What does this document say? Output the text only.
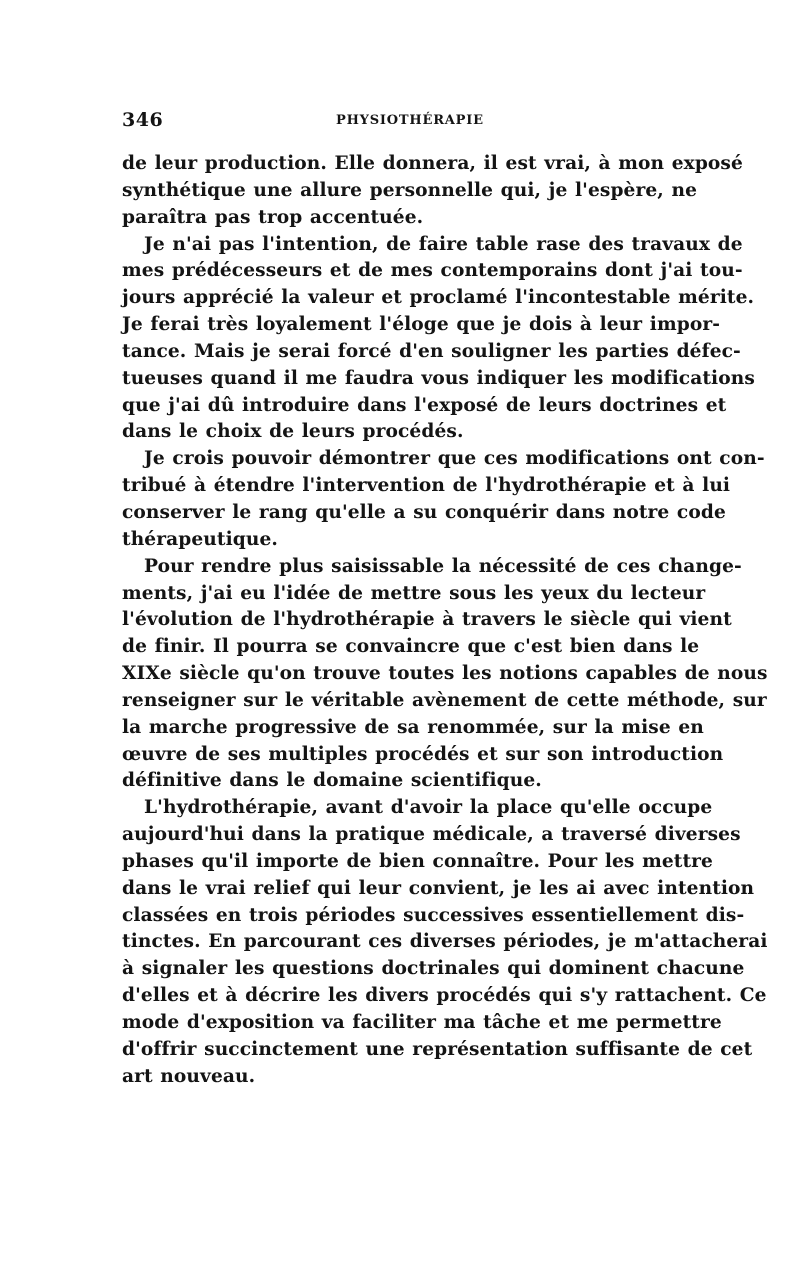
346	PHYSIOTHÉRAPIE
de leur production. Elle donnera, il est vrai, à mon exposé
synthétique une allure personnelle qui, je l'espère, ne
paraîtra pas trop accentuée.
Je n'ai pas l'intention, de faire table rase des travaux de
mes prédécesseurs et de mes contemporains dont j'ai tou-
jours apprécié la valeur et proclamé l'incontestable mérite.
Je ferai très loyalement l'éloge que je dois à leur impor-
tance. Mais je serai forcé d'en souligner les parties défec-
tueuses quand il me faudra vous indiquer les modifications
que j'ai dû introduire dans l'exposé de leurs doctrines et
dans le choix de leurs procédés.
Je crois pouvoir démontrer que ces modifications ont con-
tribué à étendre l'intervention de l'hydrothérapie et à lui
conserver le rang qu'elle a su conquérir dans notre code
thérapeutique.
Pour rendre plus saisissable la nécessité de ces change-
ments, j'ai eu l'idée de mettre sous les yeux du lecteur
l'évolution de l'hydrothérapie à travers le siècle qui vient
de finir. Il pourra se convaincre que c'est bien dans le
XIXe siècle qu'on trouve toutes les notions capables de nous
renseigner sur le véritable avènement de cette méthode, sur
la marche progressive de sa renommée, sur la mise en
œuvre de ses multiples procédés et sur son introduction
définitive dans le domaine scientifique.
L'hydrothérapie, avant d'avoir la place qu'elle occupe
aujourd'hui dans la pratique médicale, a traversé diverses
phases qu'il importe de bien connaître. Pour les mettre
dans le vrai relief qui leur convient, je les ai avec intention
classées en trois périodes successives essentiellement dis-
tinctes. En parcourant ces diverses périodes, je m'attacherai
à signaler les questions doctrinales qui dominent chacune
d'elles et à décrire les divers procédés qui s'y rattachent. Ce
mode d'exposition va faciliter ma tâche et me permettre
d'offrir succinctement une représentation suffisante de cet
art nouveau.
